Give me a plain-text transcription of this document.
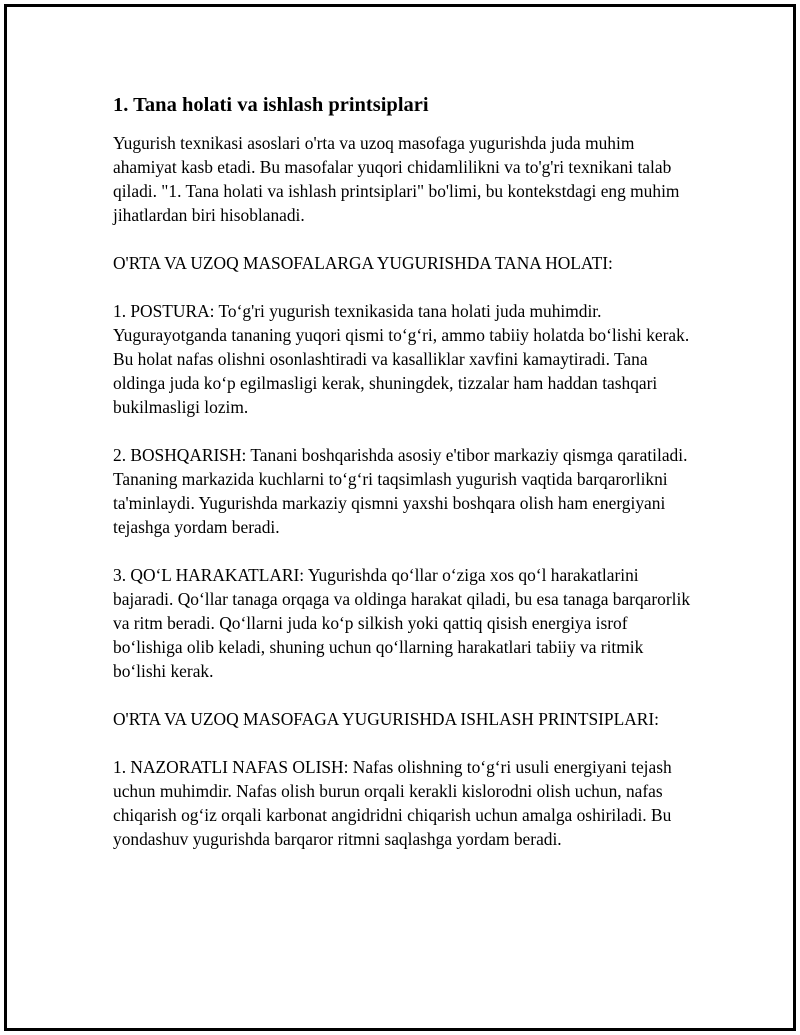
1. Tana holati va ishlash printsiplari

Yugurish texnikasi asoslari o'rta va uzoq masofaga yugurishda juda muhim ahamiyat kasb etadi. Bu masofalar yuqori chidamlilikni va to'g'ri texnikani talab qiladi. "1. Tana holati va ishlash printsiplari" bo'limi, bu kontekstdagi eng muhim jihatlardan biri hisoblanadi.

O'RTA VA UZOQ MASOFALARGA YUGURISHDA TANA HOLATI:

1. POSTURA: To‘g'ri yugurish texnikasida tana holati juda muhimdir. Yugurayotganda tananing yuqori qismi to‘g‘ri, ammo tabiiy holatda bo‘lishi kerak. Bu holat nafas olishni osonlashtiradi va kasalliklar xavfini kamaytiradi. Tana oldinga juda ko‘p egilmasligi kerak, shuningdek, tizzalar ham haddan tashqari bukilmasligi lozim.

2. BOSHQARISH: Tanani boshqarishda asosiy e'tibor markaziy qismga qaratiladi. Tananing markazida kuchlarni to‘g‘ri taqsimlash yugurish vaqtida barqarorlikni ta'minlaydi. Yugurishda markaziy qismni yaxshi boshqara olish ham energiyani tejashga yordam beradi.

3. QO‘L HARAKATLARI: Yugurishda qo‘llar o‘ziga xos qo‘l harakatlarini bajaradi. Qo‘llar tanaga orqaga va oldinga harakat qiladi, bu esa tanaga barqarorlik va ritm beradi. Qo‘llarni juda ko‘p silkish yoki qattiq qisish energiya isrof bo‘lishiga olib keladi, shuning uchun qo‘llarning harakatlari tabiiy va ritmik bo‘lishi kerak.

O'RTA VA UZOQ MASOFAGA YUGURISHDA ISHLASH PRINTSIPLARI:

1. NAZORATLI NAFAS OLISH: Nafas olishning to‘g‘ri usuli energiyani tejash uchun muhimdir. Nafas olish burun orqali kerakli kislorodni olish uchun, nafas chiqarish og‘iz orqali karbonat angidridni chiqarish uchun amalga oshiriladi. Bu yondashuv yugurishda barqaror ritmni saqlashga yordam beradi.
